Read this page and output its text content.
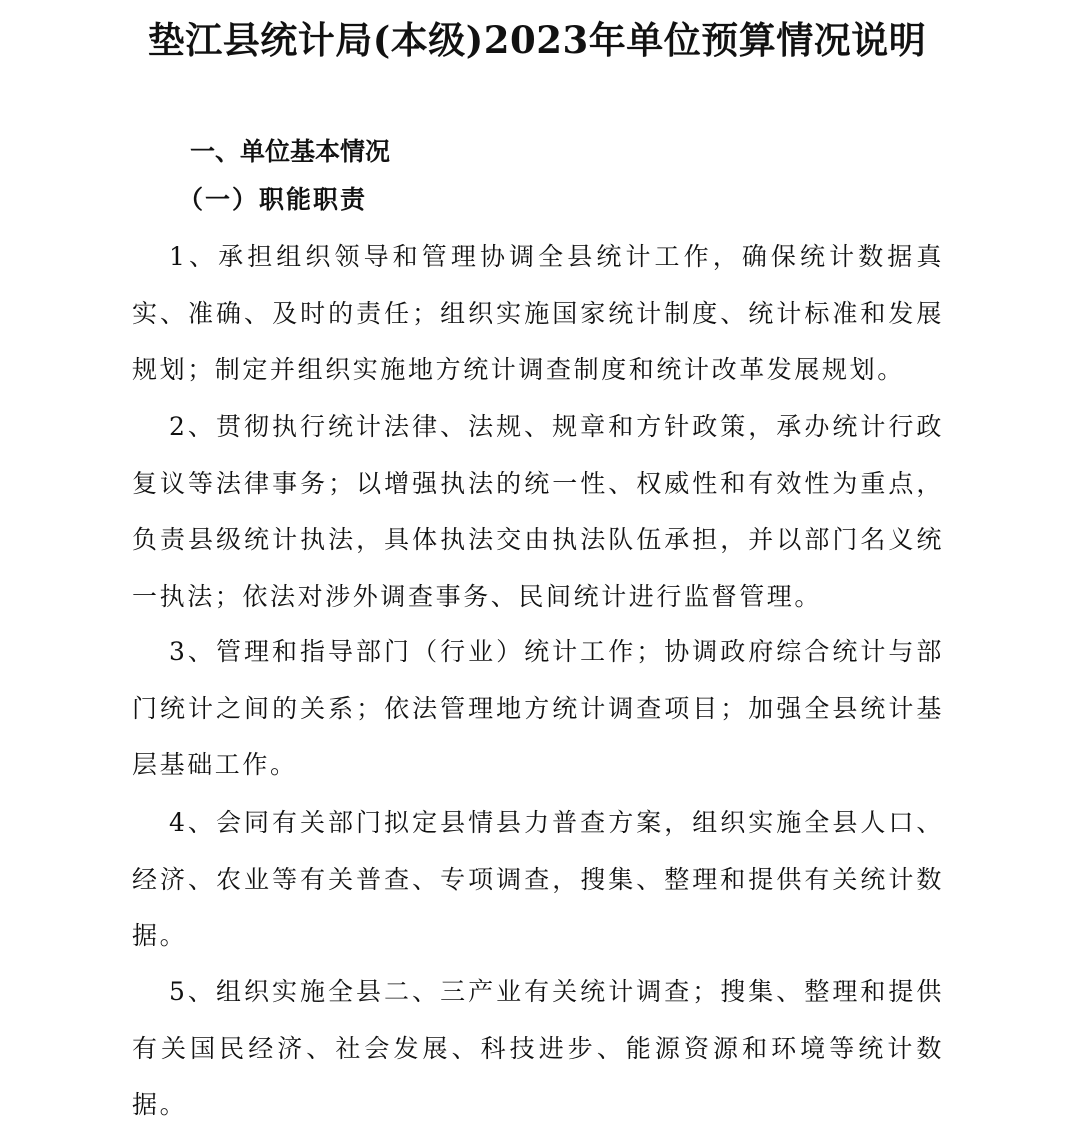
垫江县统计局(本级)2023年单位预算情况说明
一、单位基本情况
（一）职能职责

1、承担组织领导和管理协调全县统计工作，确保统计数据真实、准确、及时的责任；组织实施国家统计制度、统计标准和发展规划；制定并组织实施地方统计调查制度和统计改革发展规划。

2、贯彻执行统计法律、法规、规章和方针政策，承办统计行政复议等法律事务；以增强执法的统一性、权威性和有效性为重点，负责县级统计执法，具体执法交由执法队伍承担，并以部门名义统一执法；依法对涉外调查事务、民间统计进行监督管理。

3、管理和指导部门（行业）统计工作；协调政府综合统计与部门统计之间的关系；依法管理地方统计调查项目；加强全县统计基层基础工作。

4、会同有关部门拟定县情县力普查方案，组织实施全县人口、经济、农业等有关普查、专项调查，搜集、整理和提供有关统计数据。

5、组织实施全县二、三产业有关统计调查；搜集、整理和提供有关国民经济、社会发展、科技进步、能源资源和环境等统计数据。
